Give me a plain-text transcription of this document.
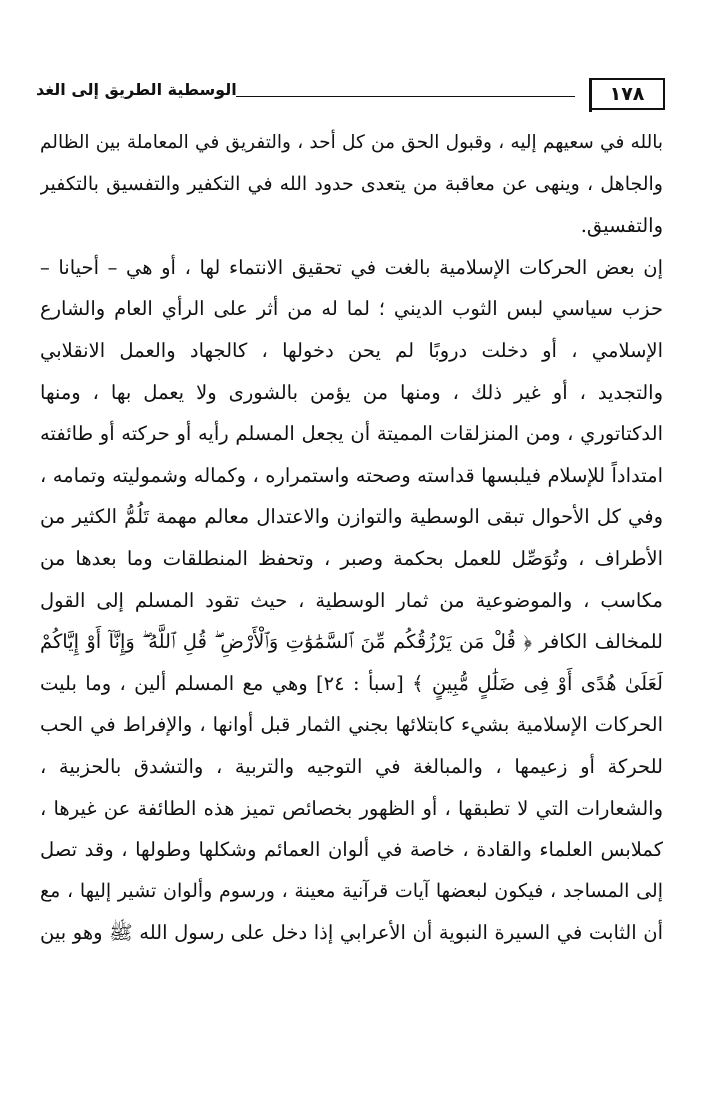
١٧٨
الوسطية الطريق إلى الغد
بالله في سعيهم إليه ، وقبول الحق من كل أحد ، والتفريق في المعاملة بين الظالم
والجاهل ، وينهى عن معاقبة من يتعدى حدود الله في التكفير والتفسيق بالتكفير
والتفسيق.
إن بعض الحركات الإسلامية بالغت في تحقيق الانتماء لها ، أو هي – أحيانا –
حزب سياسي لبس الثوب الديني ؛ لما له من أثر على الرأي العام والشارع
الإسلامي ، أو دخلت دروبًا لم يحن دخولها ، كالجهاد والعمل الانقلابي
والتجديد ، أو غير ذلك ، ومنها من يؤمن بالشورى ولا يعمل بها ، ومنها
الدكتاتوري ، ومن المنزلقات المميتة أن يجعل المسلم رأيه أو حركته أو طائفته
امتداداً للإسلام فيلبسها قداسته وصحته واستمراره ، وكماله وشموليته وتمامه ،
وفي كل الأحوال تبقى الوسطية والتوازن والاعتدال معالم مهمة تَلُمُّ الكثير من
الأطراف ، وتُوَصِّل للعمل بحكمة وصبر ، وتحفظ المنطلقات وما بعدها من
مكاسب ، والموضوعية من ثمار الوسطية ، حيث تقود المسلم إلى القول
للمخالف الكافر ﴿ قُلْ مَن يَرْزُقُكُم مِّنَ ٱلسَّمَٰوَٰتِ وَٱلْأَرْضِ ۖ قُلِ ٱللَّهُ ۖ وَإِنَّآ أَوْ إِيَّاكُمْ
لَعَلَىٰ هُدًى أَوْ فِى ضَلَٰلٍ مُّبِينٍ ﴾ [سبأ : ٢٤] وهي مع المسلم ألين ، وما بليت
الحركات الإسلامية بشيء كابتلائها بجني الثمار قبل أوانها ، والإفراط في الحب
للحركة أو زعيمها ، والمبالغة في التوجيه والتربية ، والتشدق بالحزبية ،
والشعارات التي لا تطبقها ، أو الظهور بخصائص تميز هذه الطائفة عن غيرها ،
كملابس العلماء والقادة ، خاصة في ألوان العمائم وشكلها وطولها ، وقد تصل
إلى المساجد ، فيكون لبعضها آيات قرآنية معينة ، ورسوم وألوان تشير إليها ، مع
أن الثابت في السيرة النبوية أن الأعرابي إذا دخل على رسول الله ﷺ وهو بين
